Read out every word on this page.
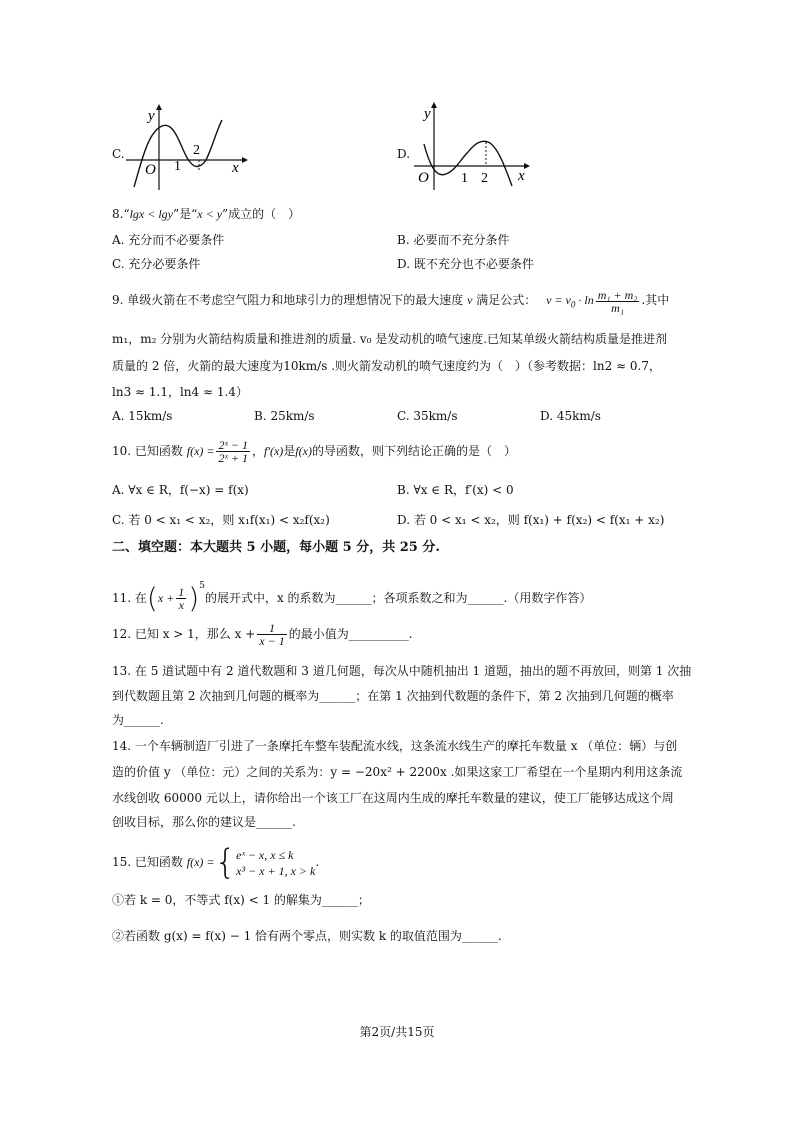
C.
y
O 1
2
x
D.
y
O 1 2 x
8.“lgx < lgy”是“x < y”成立的（　）
A. 充分而不必要条件	B. 必要而不充分条件
C. 充分必要条件	D. 既不充分也不必要条件
9. 单级火箭在不考虑空气阻力和地球引力的理想情况下的最大速度 v 满足公式： $v = v_0 \cdot \ln \frac{\text{m₁ + m₂}}{\text{m₁}}$ .其中
m₁，m₂ 分别为火箭结构质量和推进剂的质量. v₀ 是发动机的喷气速度.已知某单级火箭结构质量是推进剂
质量的 2 倍，火箭的最大速度为10km/s .则火箭发动机的喷气速度约为（　）（参考数据：ln2 ≈ 0.7，
ln3 ≈ 1.1，ln4 ≈ 1.4）
A. 15km/s	B. 25km/s	C. 35km/s	D. 45km/s
10. 已知函数 $f(x) = \frac{\text{2ˣ − 1}}{\text{2ˣ + 1}}$ ，f′(x)是f(x)的导函数，则下列结论正确的是（　）
A. ∀x ∈ R，f(−x) = f(x)	B. ∀x ∈ R，f′(x) < 0
C. 若 0 < x₁ < x₂，则 x₁f(x₁) < x₂f(x₂)	D. 若 0 < x₁ < x₂，则 f(x₁) + f(x₂) < f(x₁ + x₂)
二、填空题：本大题共 5 小题，每小题 5 分，共 25 分.
11. 在$(x + \frac{1}{x} )^5$的展开式中，x 的系数为______；各项系数之和为______.（用数字作答）
12. 已知 x > 1，那么 $x + \frac{1}{x - 1}$ 的最小值为__________.
13. 在 5 道试题中有 2 道代数题和 3 道几何题，每次从中随机抽出 1 道题，抽出的题不再放回，则第 1 次抽
到代数题且第 2 次抽到几何题的概率为______；在第 1 次抽到代数题的条件下，第 2 次抽到几何题的概率
为______.
14. 一个车辆制造厂引进了一条摩托车整车装配流水线，这条流水线生产的摩托车数量 x （单位：辆）与创
造的价值 y （单位：元）之间的关系为：y = −20x² + 2200x .如果这家工厂希望在一个星期内利用这条流
水线创收 60000 元以上，请你给出一个该工厂在这周内生成的摩托车数量的建议，使工厂能够达成这个周
创收目标，那么你的建议是______.
15. 已知函数 f(x) ={ eˣ − x, x ≤ k
x³ − x + 1, x > k
.
①若 k = 0，不等式 f(x) < 1 的解集为______；
②若函数 g(x) = f(x) − 1 恰有两个零点，则实数 k 的取值范围为______.
第2页/共15页
